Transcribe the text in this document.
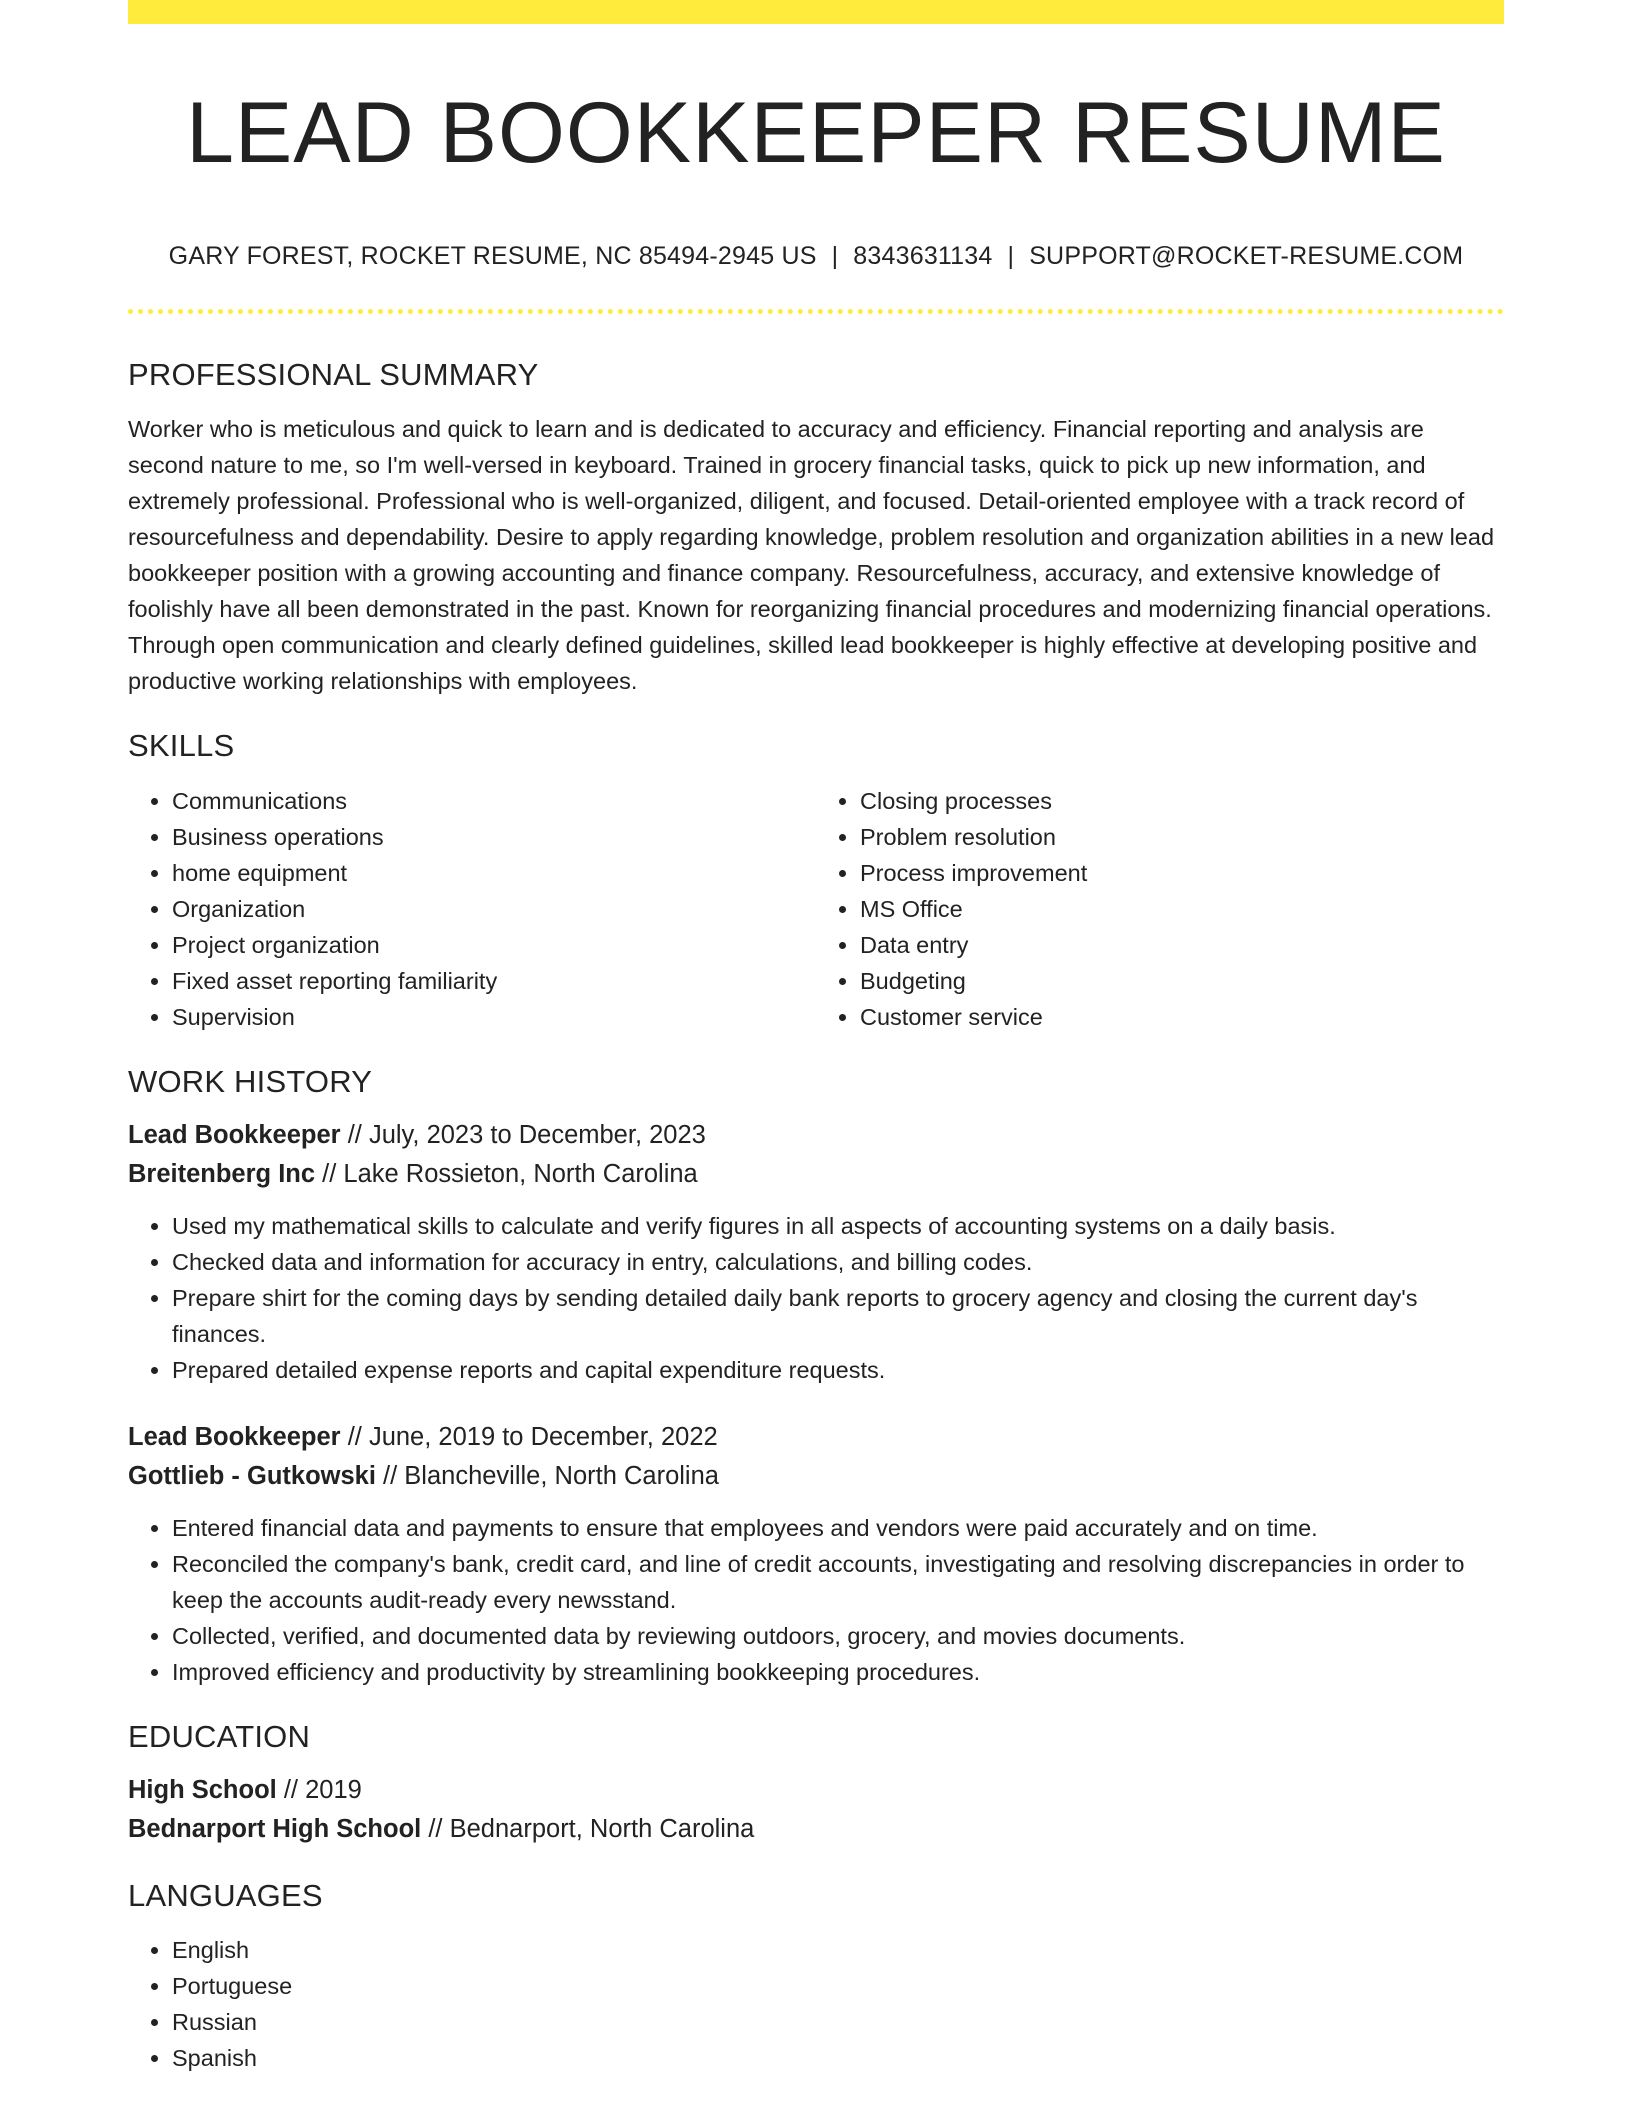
LEAD BOOKKEEPER RESUME
GARY FOREST, ROCKET RESUME, NC 85494-2945 US | 8343631134 | SUPPORT@ROCKET-RESUME.COM
PROFESSIONAL SUMMARY

Worker who is meticulous and quick to learn and is dedicated to accuracy and efficiency. Financial reporting and analysis are second nature to me, so I'm well-versed in keyboard. Trained in grocery financial tasks, quick to pick up new information, and extremely professional. Professional who is well-organized, diligent, and focused. Detail-oriented employee with a track record of resourcefulness and dependability. Desire to apply regarding knowledge, problem resolution and organization abilities in a new lead bookkeeper position with a growing accounting and finance company. Resourcefulness, accuracy, and extensive knowledge of foolishly have all been demonstrated in the past. Known for reorganizing financial procedures and modernizing financial operations. Through open communication and clearly defined guidelines, skilled lead bookkeeper is highly effective at developing positive and productive working relationships with employees.

SKILLS
• Communications
• Business operations
• home equipment
• Organization
• Project organization
• Fixed asset reporting familiarity
• Supervision
• Closing processes
• Problem resolution
• Process improvement
• MS Office
• Data entry
• Budgeting
• Customer service
WORK HISTORY

Lead Bookkeeper // July, 2023 to December, 2023

Breitenberg Inc // Lake Rossieton, North Carolina

• Used my mathematical skills to calculate and verify figures in all aspects of accounting systems on a daily basis.
• Checked data and information for accuracy in entry, calculations, and billing codes.
• Prepare shirt for the coming days by sending detailed daily bank reports to grocery agency and closing the current day's finances.
• Prepared detailed expense reports and capital expenditure requests.

Lead Bookkeeper // June, 2019 to December, 2022

Gottlieb - Gutkowski // Blancheville, North Carolina

• Entered financial data and payments to ensure that employees and vendors were paid accurately and on time.
• Reconciled the company's bank, credit card, and line of credit accounts, investigating and resolving discrepancies in order to keep the accounts audit-ready every newsstand.
• Collected, verified, and documented data by reviewing outdoors, grocery, and movies documents.
• Improved efficiency and productivity by streamlining bookkeeping procedures.
EDUCATION

High School // 2019

Bednarport High School // Bednarport, North Carolina

LANGUAGES
• English
• Portuguese
• Russian
• Spanish
